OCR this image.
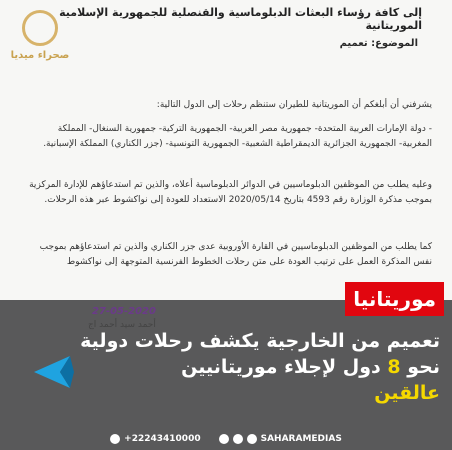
إلى كافة رؤساء البعثات الدبلوماسية والقنصلية للجمهورية الإسلامية الموريتانية
صحراء ميديا
الموضوع: تعميم
يشرفني أن أبلغكم أن الموريتانية للطيران ستنظم رحلات إلى الدول التالية:
- دولة الإمارات العربية المتحدة- جمهورية مصر العربية- الجمهورية التركية- جمهورية السنغال- المملكة المغربية- الجمهورية الجزائرية الديمقراطية الشعبية- الجمهورية التونسية- (جزر الكناري) المملكة الإسبانية.
وعليه يطلب من الموظفين الدبلوماسيين في الدوائر الدبلوماسية أعلاه، والذين تم استدعاؤهم للإدارة المركزية بموجب مذكرة الوزارة رقم 4593 بتاريخ 2020/05/14 الاستعداد للعودة إلى نواكشوط عبر هذه الرحلات.
كما يطلب من الموظفين الدبلوماسيين في القارة الأوروبية عدى جزر الكناري والذين تم استدعاؤهم بموجب نفس المذكرة العمل على ترتيب العودة على متن رحلات الخطوط الفرنسية المتوجهة إلى نواكشوط
27-05-2020
أحمد سيد أحمد اج
موريتانيا
تعميم من الخارجية يكشف رحلات دولية نحو 8 دول لإجلاء موريتانيين
عالقين
+22243410000	SAHARAMEDIAS
